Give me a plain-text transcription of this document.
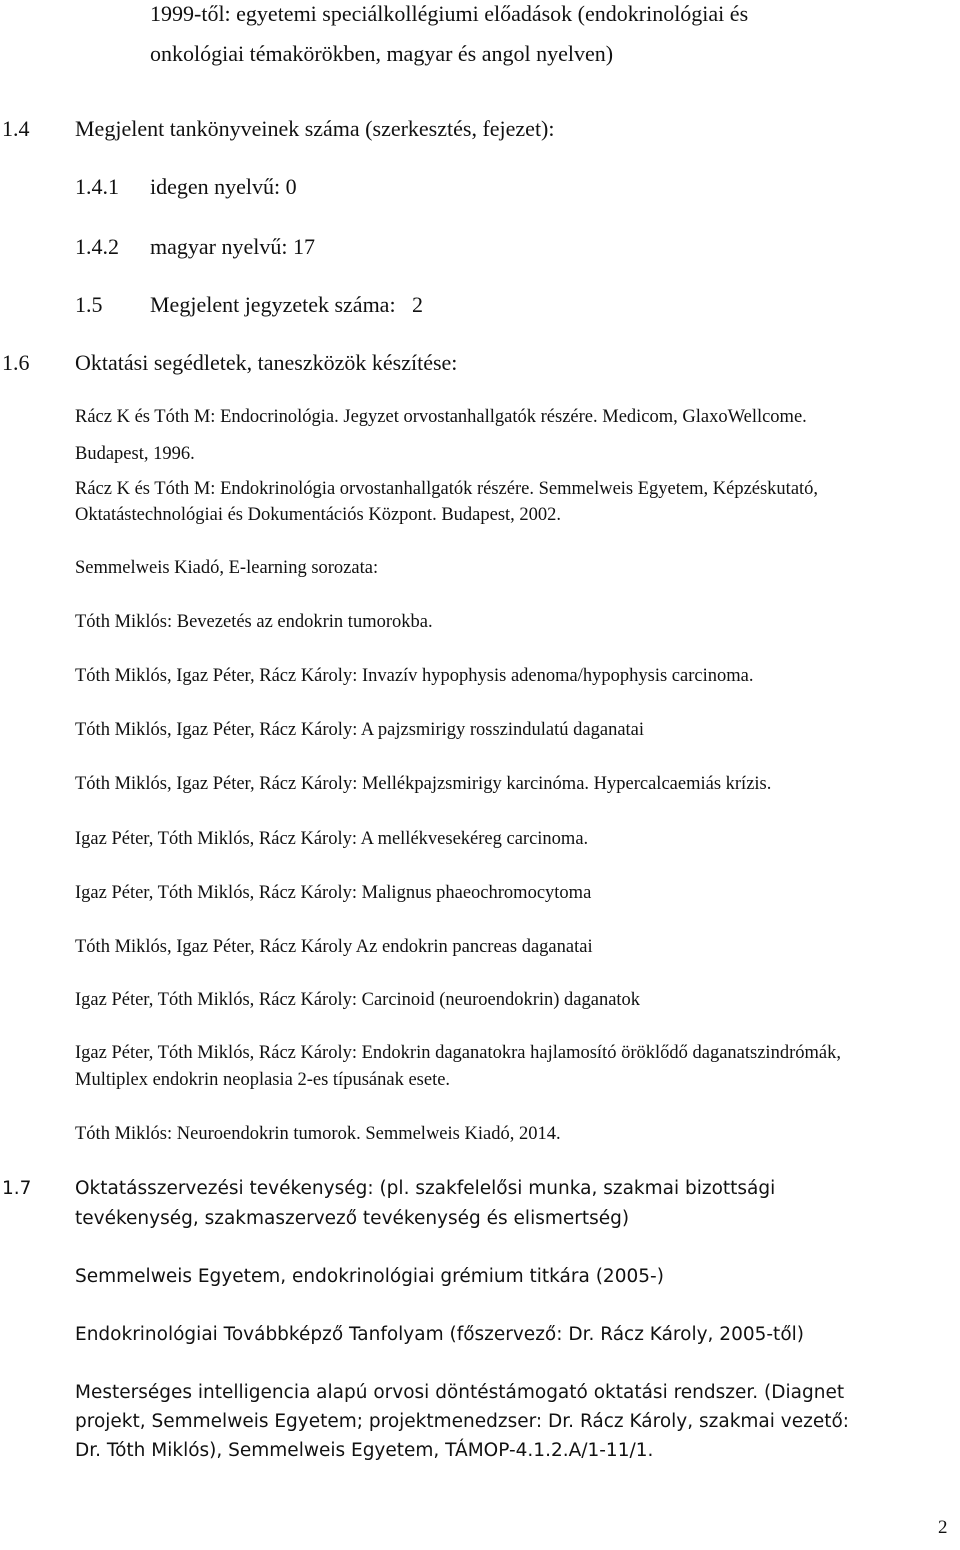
1999-től: egyetemi speciálkollégiumi előadások (endokrinológiai és

onkológiai témakörökben, magyar és angol nyelven)

1.4 Megjelent tankönyveinek száma (szerkesztés, fejezet):
1.4.1 idegen nyelvű: 0
1.4.2 magyar nyelvű: 17
1.5 Megjelent jegyzetek száma:   2
1.6 Oktatási segédletek, taneszközök készítése:

Rácz K és Tóth M: Endocrinológia. Jegyzet orvostanhallgatók részére. Medicom, GlaxoWellcome.

Budapest, 1996.

Rácz K és Tóth M: Endokrinológia orvostanhallgatók részére. Semmelweis Egyetem, Képzéskutató,

Oktatástechnológiai és Dokumentációs Központ. Budapest, 2002.

Semmelweis Kiadó, E-learning sorozata:

Tóth Miklós: Bevezetés az endokrin tumorokba.

Tóth Miklós, Igaz Péter, Rácz Károly: Invazív hypophysis adenoma/hypophysis carcinoma.

Tóth Miklós, Igaz Péter, Rácz Károly: A pajzsmirigy rosszindulatú daganatai

Tóth Miklós, Igaz Péter, Rácz Károly: Mellékpajzsmirigy karcinóma. Hypercalcaemiás krízis.

Igaz Péter, Tóth Miklós, Rácz Károly: A mellékvesekéreg carcinoma.

Igaz Péter, Tóth Miklós, Rácz Károly: Malignus phaeochromocytoma

Tóth Miklós, Igaz Péter, Rácz Károly Az endokrin pancreas daganatai

Igaz Péter, Tóth Miklós, Rácz Károly: Carcinoid (neuroendokrin) daganatok

Igaz Péter, Tóth Miklós, Rácz Károly: Endokrin daganatokra hajlamosító öröklődő daganatszindrómák,

Multiplex endokrin neoplasia 2-es típusának esete.

Tóth Miklós: Neuroendokrin tumorok. Semmelweis Kiadó, 2014.

1.7 Oktatásszervezési tevékenység: (pl. szakfelelősi munka, szakmai bizottsági

tevékenység, szakmaszervező tevékenység és elismertség)

Semmelweis Egyetem, endokrinológiai grémium titkára (2005-)

Endokrinológiai Továbbképző Tanfolyam (főszervező: Dr. Rácz Károly, 2005-től)

Mesterséges intelligencia alapú orvosi döntéstámogató oktatási rendszer. (Diagnet

projekt, Semmelweis Egyetem; projektmenedzser: Dr. Rácz Károly, szakmai vezető:

Dr. Tóth Miklós), Semmelweis Egyetem, TÁMOP-4.1.2.A/1-11/1.

2
